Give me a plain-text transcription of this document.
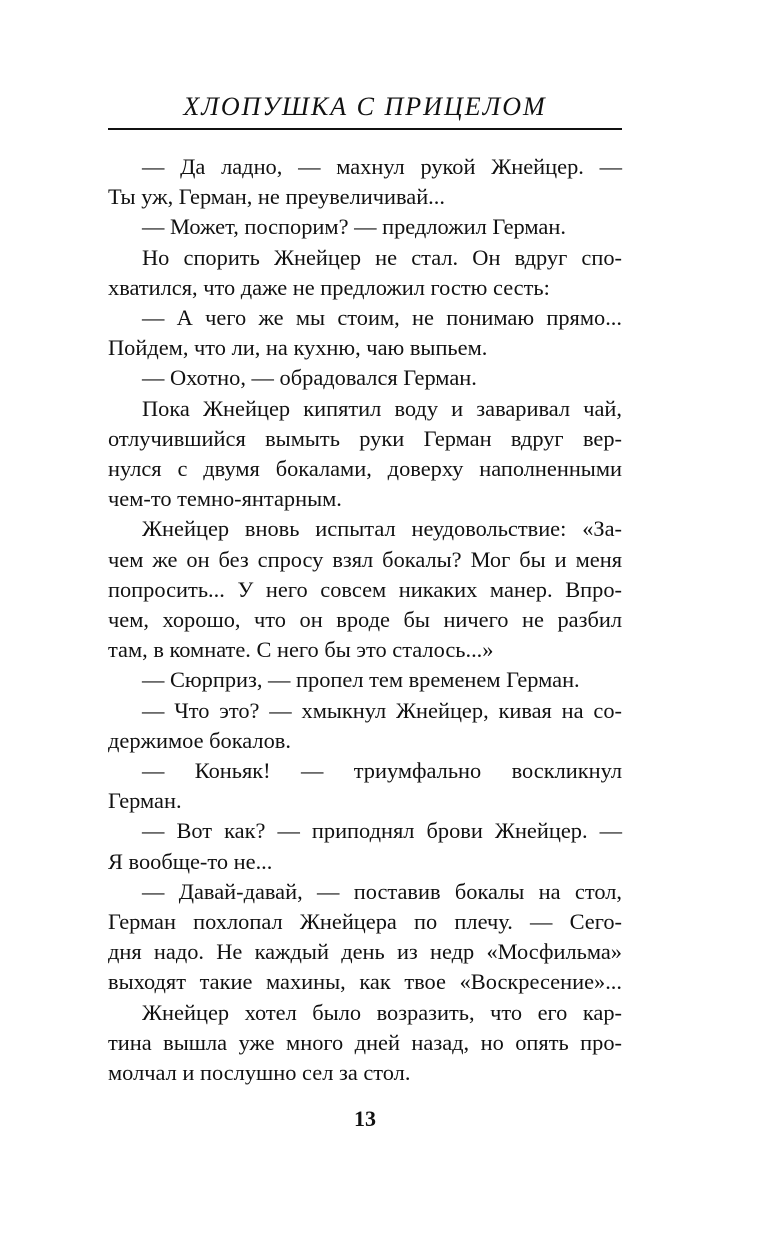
ХЛОПУШКА С ПРИЦЕЛОМ

— Да ладно, — махнул рукой Жнейцер. —
Ты уж, Герман, не преувеличивай...

— Может, поспорим? — предложил Герман.

Но спорить Жнейцер не стал. Он вдруг спо-
хватился, что даже не предложил гостю сесть:

— А чего же мы стоим, не понимаю прямо...
Пойдем, что ли, на кухню, чаю выпьем.

— Охотно, — обрадовался Герман.

Пока Жнейцер кипятил воду и заваривал чай,
отлучившийся вымыть руки Герман вдруг вер-
нулся с двумя бокалами, доверху наполненными
чем-то темно-янтарным.

Жнейцер вновь испытал неудовольствие: «За-
чем же он без спросу взял бокалы? Мог бы и меня
попросить... У него совсем никаких манер. Впро-
чем, хорошо, что он вроде бы ничего не разбил
там, в комнате. С него бы это сталось...»

— Сюрприз, — пропел тем временем Герман.

— Что это? — хмыкнул Жнейцер, кивая на со-
держимое бокалов.

— Коньяк! — триумфально воскликнул
Герман.

— Вот как? — приподнял брови Жнейцер. —
Я вообще-то не...

— Давай-давай, — поставив бокалы на стол,
Герман похлопал Жнейцера по плечу. — Сего-
дня надо. Не каждый день из недр «Мосфильма»
выходят такие махины, как твое «Воскресение»...

Жнейцер хотел было возразить, что его кар-
тина вышла уже много дней назад, но опять про-
молчал и послушно сел за стол.

13
